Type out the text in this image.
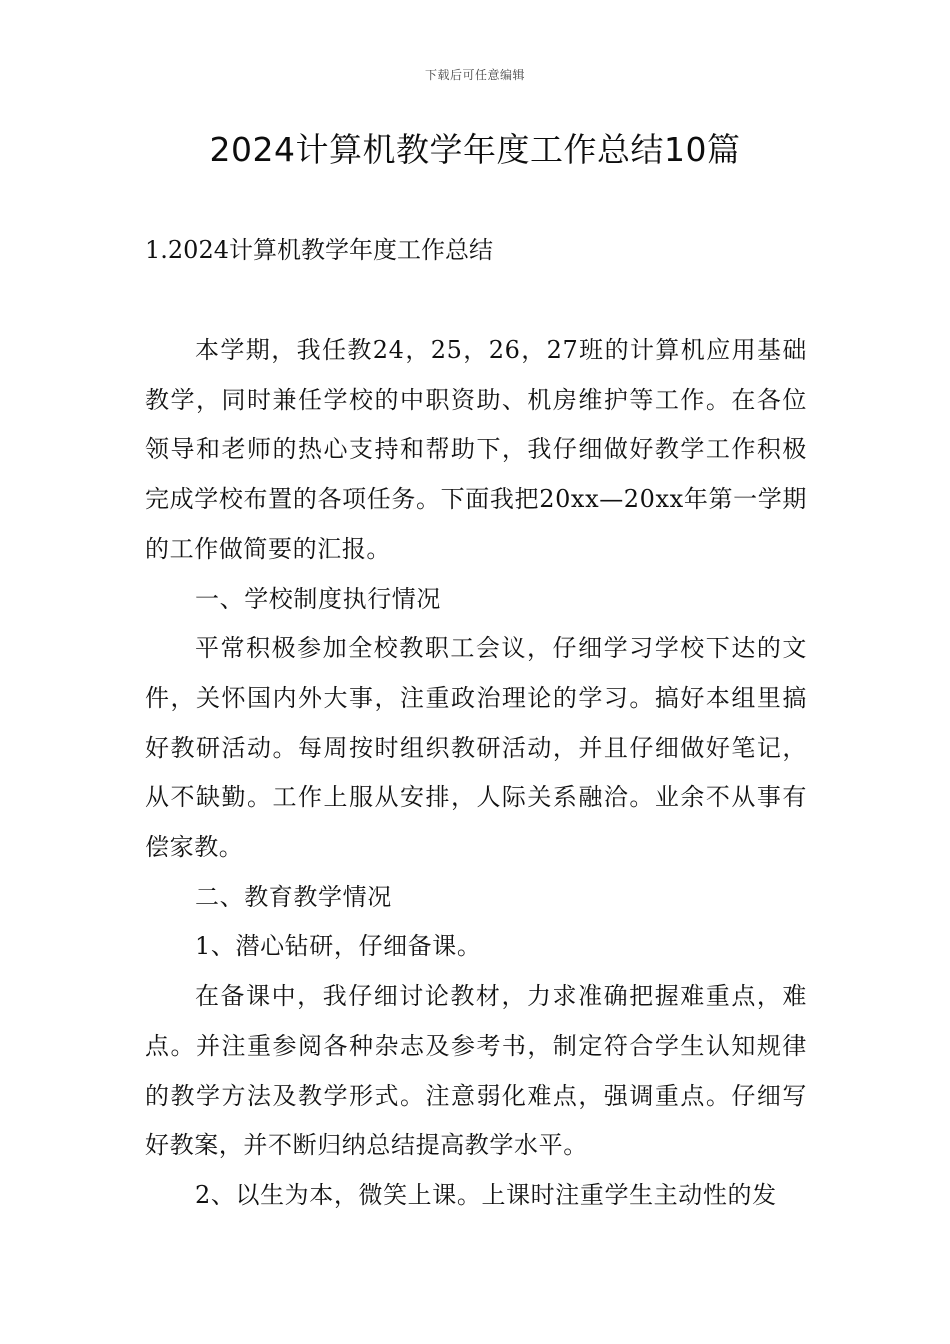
下载后可任意编辑
2024计算机教学年度工作总结10篇
1.2024计算机教学年度工作总结

本学期，我任教24，25，26，27班的计算机应用基础教学，同时兼任学校的中职资助、机房维护等工作。在各位领导和老师的热心支持和帮助下，我仔细做好教学工作积极完成学校布置的各项任务。下面我把20xx—20xx年第一学期的工作做简要的汇报。

一、学校制度执行情况

平常积极参加全校教职工会议，仔细学习学校下达的文件，关怀国内外大事，注重政治理论的学习。搞好本组里搞好教研活动。每周按时组织教研活动，并且仔细做好笔记，从不缺勤。工作上服从安排，人际关系融洽。业余不从事有偿家教。

二、教育教学情况

1、潜心钻研，仔细备课。

在备课中，我仔细讨论教材，力求准确把握难重点，难点。并注重参阅各种杂志及参考书，制定符合学生认知规律的教学方法及教学形式。注意弱化难点，强调重点。仔细写好教案，并不断归纳总结提高教学水平。

2、以生为本，微笑上课。上课时注重学生主动性的发
